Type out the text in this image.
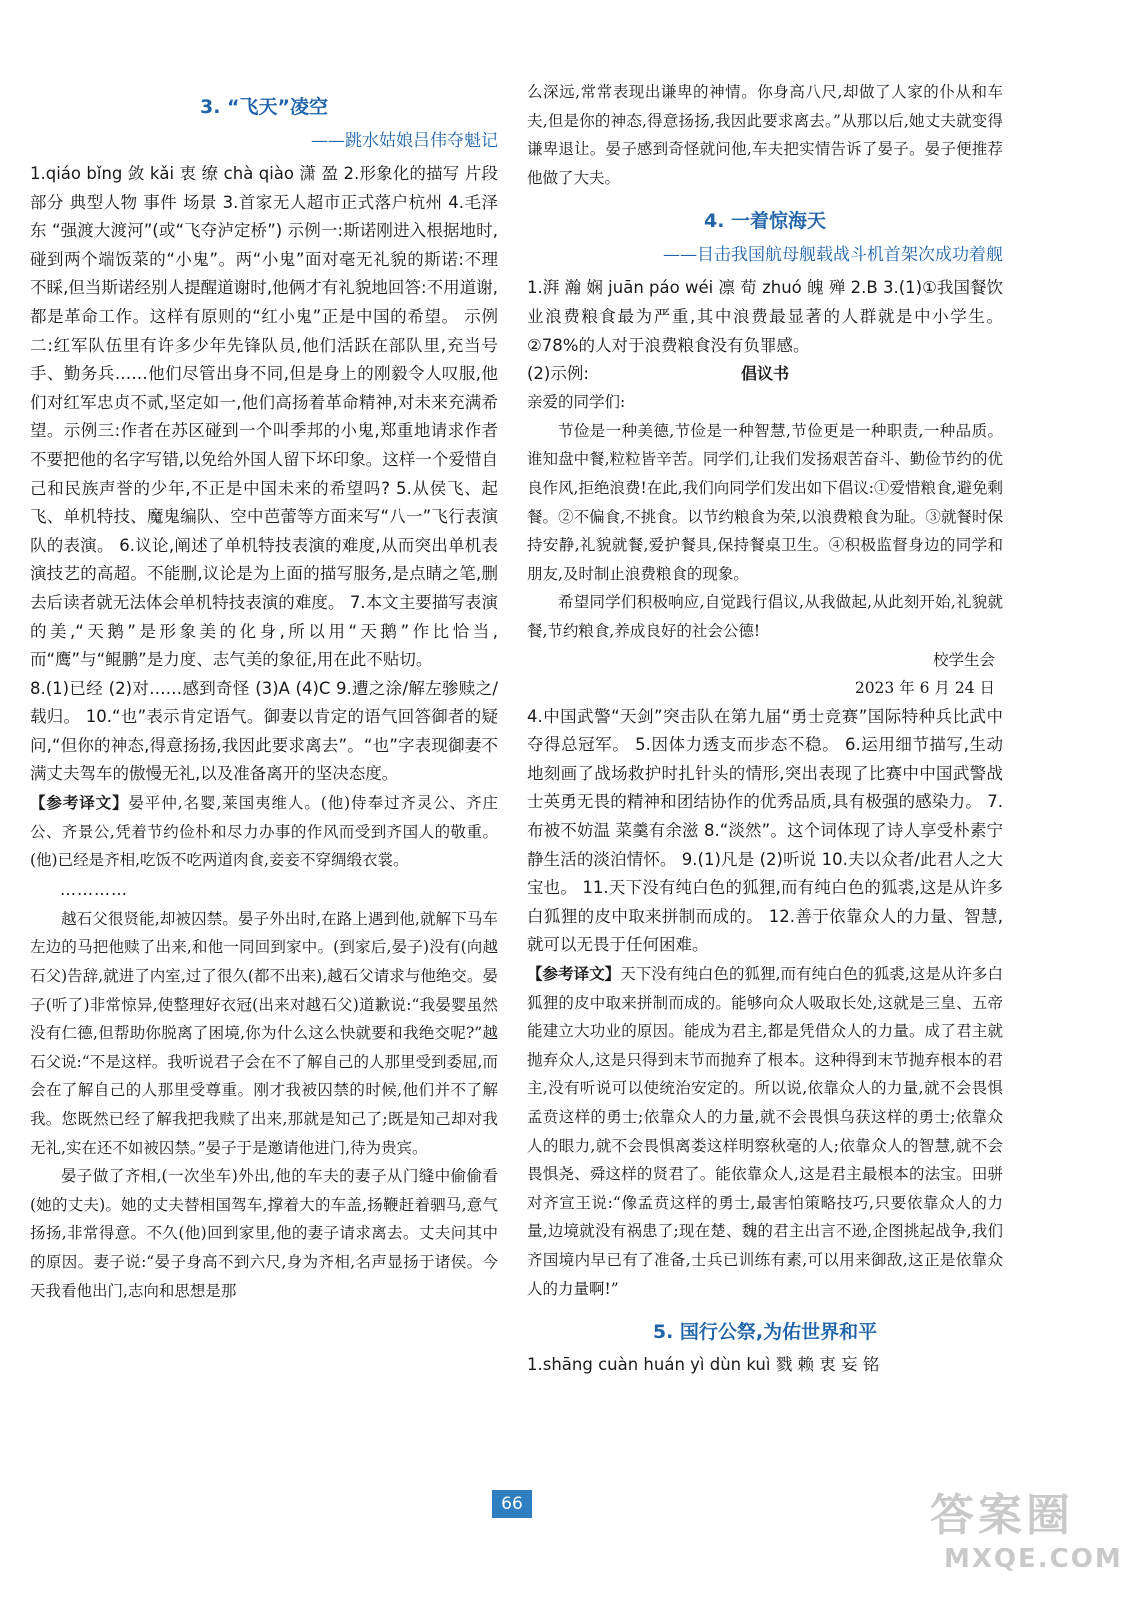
3. “飞天”凌空
——跳水姑娘吕伟夺魁记

1.qiáo bǐng 敛 kǎi 衷 缭 chà qiào 潇 盈 2.形象化的描写 片段 部分 典型人物 事件 场景 3.首家无人超市正式落户杭州 4.毛泽东 “强渡大渡河”(或“飞夺泸定桥”) 示例一:斯诺刚进入根据地时,碰到两个端饭菜的“小鬼”。两“小鬼”面对毫无礼貌的斯诺:不理不睬,但当斯诺经别人提醒道谢时,他俩才有礼貌地回答:不用道谢,都是革命工作。这样有原则的“红小鬼”正是中国的希望。 示例二:红军队伍里有许多少年先锋队员,他们活跃在部队里,充当号手、勤务兵……他们尽管出身不同,但是身上的刚毅令人叹服,他们对红军忠贞不贰,坚定如一,他们高扬着革命精神,对未来充满希望。示例三:作者在苏区碰到一个叫季邦的小鬼,郑重地请求作者不要把他的名字写错,以免给外国人留下坏印象。这样一个爱惜自己和民族声誉的少年,不正是中国未来的希望吗? 5.从侯飞、起飞、单机特技、魔鬼编队、空中芭蕾等方面来写“八一”飞行表演队的表演。 6.议论,阐述了单机特技表演的难度,从而突出单机表演技艺的高超。不能删,议论是为上面的描写服务,是点睛之笔,删去后读者就无法体会单机特技表演的难度。 7.本文主要描写表演的美,“天鹅”是形象美的化身,所以用“天鹅”作比恰当,而“鹰”与“鲲鹏”是力度、志气美的象征,用在此不贴切。

8.(1)已经 (2)对……感到奇怪 (3)A (4)C 9.遭之涂/解左骖赎之/载归。 10.“也”表示肯定语气。御妻以肯定的语气回答御者的疑问,“但你的神态,得意扬扬,我因此要求离去”。“也”字表现御妻不满丈夫驾车的傲慢无礼,以及准备离开的坚决态度。

【参考译文】晏平仲,名婴,莱国夷维人。(他)侍奉过齐灵公、齐庄公、齐景公,凭着节约俭朴和尽力办事的作风而受到齐国人的敬重。(他)已经是齐相,吃饭不吃两道肉食,妾妾不穿绸缎衣裳。

…………

越石父很贤能,却被囚禁。晏子外出时,在路上遇到他,就解下马车左边的马把他赎了出来,和他一同回到家中。(到家后,晏子)没有(向越石父)告辞,就进了内室,过了很久(都不出来),越石父请求与他绝交。晏子(听了)非常惊异,使整理好衣冠(出来对越石父)道歉说:“我晏婴虽然没有仁德,但帮助你脱离了困境,你为什么这么快就要和我绝交呢?”越石父说:“不是这样。我听说君子会在不了解自己的人那里受到委屈,而会在了解自己的人那里受尊重。刚才我被囚禁的时候,他们并不了解我。您既然已经了解我把我赎了出来,那就是知己了;既是知己却对我无礼,实在还不如被囚禁。”晏子于是邀请他进门,待为贵宾。

晏子做了齐相,(一次坐车)外出,他的车夫的妻子从门缝中偷偷看(她的丈夫)。她的丈夫替相国驾车,撑着大的车盖,扬鞭赶着驷马,意气扬扬,非常得意。不久(他)回到家里,他的妻子请求离去。丈夫问其中的原因。妻子说:“晏子身高不到六尺,身为齐相,名声显扬于诸侯。今天我看他出门,志向和思想是那

么深远,常常表现出谦卑的神情。你身高八尺,却做了人家的仆从和车夫,但是你的神态,得意扬扬,我因此要求离去。”从那以后,她丈夫就变得谦卑退让。晏子感到奇怪就问他,车夫把实情告诉了晏子。晏子便推荐他做了大夫。

4. 一着惊海天
——目击我国航母舰载战斗机首架次成功着舰

1.湃 瀚 娴 juān páo wéi 凛 荀 zhuó 魄 殚 2.B 3.(1)①我国餐饮业浪费粮食最为严重,其中浪费最显著的人群就是中小学生。②78%的人对于浪费粮食没有负罪感。

(2)示例:	倡议书

亲爱的同学们:

节俭是一种美德,节俭是一种智慧,节俭更是一种职责,一种品质。谁知盘中餐,粒粒皆辛苦。同学们,让我们发扬艰苦奋斗、勤俭节约的优良作风,拒绝浪费!在此,我们向同学们发出如下倡议:①爱惜粮食,避免剩餐。②不偏食,不挑食。以节约粮食为荣,以浪费粮食为耻。③就餐时保持安静,礼貌就餐,爱护餐具,保持餐桌卫生。④积极监督身边的同学和朋友,及时制止浪费粮食的现象。

希望同学们积极响应,自觉践行倡议,从我做起,从此刻开始,礼貌就餐,节约粮食,养成良好的社会公德!

校学生会
2023 年 6 月 24 日

4.中国武警“天剑”突击队在第九届“勇士竞赛”国际特种兵比武中夺得总冠军。 5.因体力透支而步态不稳。 6.运用细节描写,生动地刻画了战场救护时扎针头的情形,突出表现了比赛中中国武警战士英勇无畏的精神和团结协作的优秀品质,具有极强的感染力。 7.布被不妨温 菜羹有余滋 8.“淡然”。这个词体现了诗人享受朴素宁静生活的淡泊情怀。 9.(1)凡是 (2)听说 10.夫以众者/此君人之大宝也。 11.天下没有纯白色的狐狸,而有纯白色的狐裘,这是从许多白狐狸的皮中取来拼制而成的。 12.善于依靠众人的力量、智慧,就可以无畏于任何困难。

【参考译文】天下没有纯白色的狐狸,而有纯白色的狐裘,这是从许多白狐狸的皮中取来拼制而成的。能够向众人吸取长处,这就是三皇、五帝能建立大功业的原因。能成为君主,都是凭借众人的力量。成了君主就抛弃众人,这是只得到末节而抛弃了根本。这种得到末节抛弃根本的君主,没有听说可以使统治安定的。所以说,依靠众人的力量,就不会畏惧孟贲这样的勇士;依靠众人的力量,就不会畏惧乌获这样的勇士;依靠众人的眼力,就不会畏惧离娄这样明察秋毫的人;依靠众人的智慧,就不会畏惧尧、舜这样的贤君了。能依靠众人,这是君主最根本的法宝。田骈对齐宣王说:“像孟贲这样的勇士,最害怕策略技巧,只要依靠众人的力量,边境就没有祸患了;现在楚、魏的君主出言不逊,企图挑起战争,我们齐国境内早已有了准备,士兵已训练有素,可以用来御敌,这正是依靠众人的力量啊!”

5. 国行公祭,为佑世界和平

1.shāng cuàn huán yì dùn kuì 戮 赖 衷 妄 铭

66	答案圈
MXQE.COM
